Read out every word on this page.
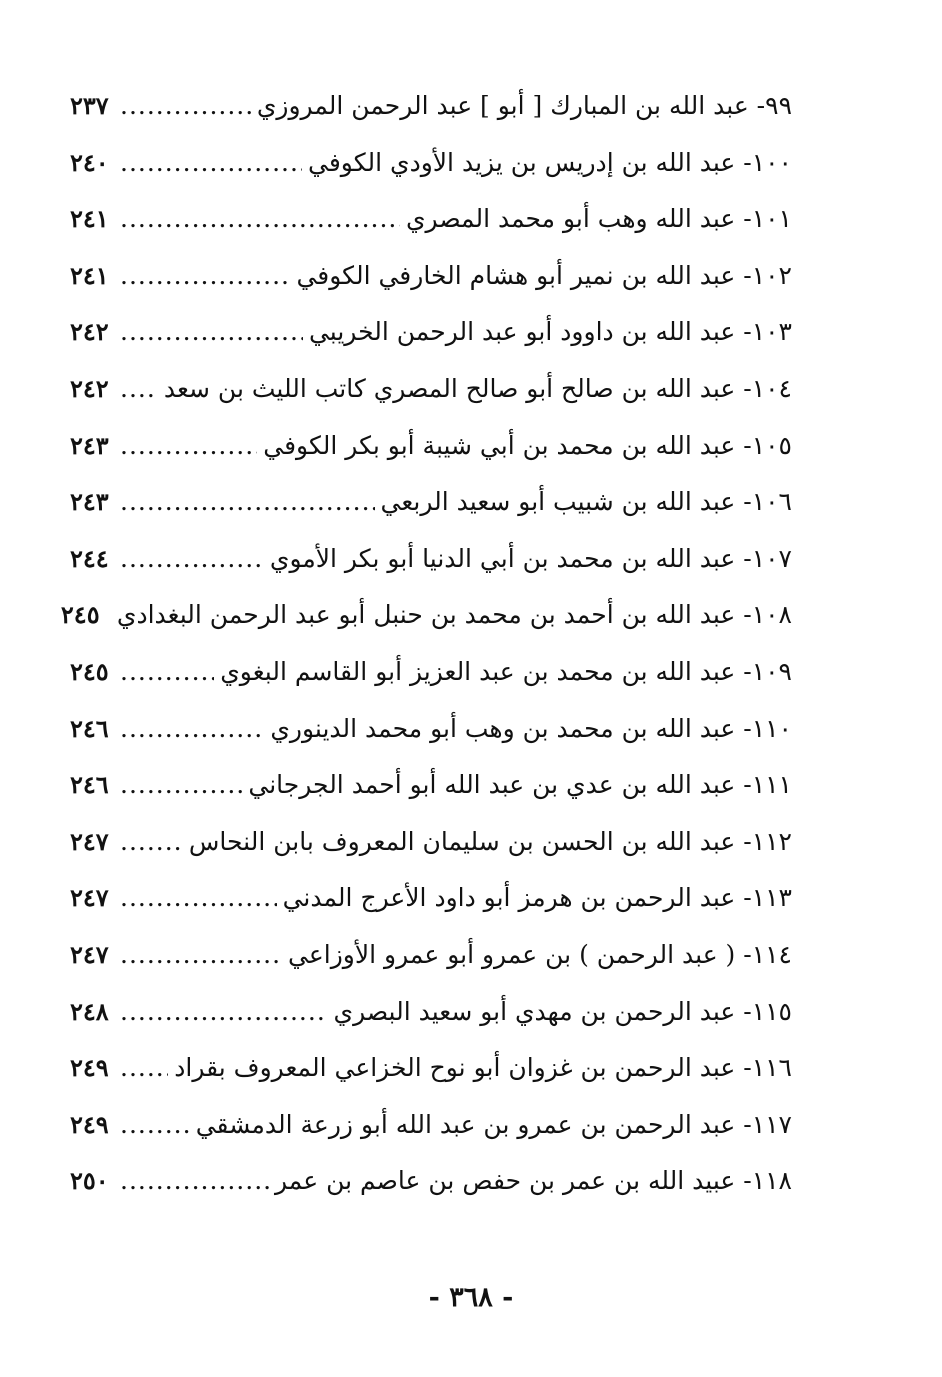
٩٩- عبد الله بن المبارك [ أبو ] عبد الرحمن المروزي
.....
٢٣٧
١٠٠- عبد الله بن إدريس بن يزيد الأودي الكوفي
.....
٢٤٠
١٠١- عبد الله وهب أبو محمد المصري
.....
٢٤١
١٠٢- عبد الله بن نمير أبو هشام الخارفي الكوفي
.....
٢٤١
١٠٣- عبد الله بن داوود أبو عبد الرحمن الخريبي
.....
٢٤٢
١٠٤- عبد الله بن صالح أبو صالح المصري كاتب الليث بن سعد
.....
٢٤٢
١٠٥- عبد الله بن محمد بن أبي شيبة أبو بكر الكوفي
.....
٢٤٣
١٠٦- عبد الله بن شبيب أبو سعيد الربعي
.....
٢٤٣
١٠٧- عبد الله بن محمد بن أبي الدنيا أبو بكر الأموي
.....
٢٤٤
١٠٨- عبد الله بن أحمد بن محمد بن حنبل أبو عبد الرحمن البغدادي
٢٤٥
١٠٩- عبد الله بن محمد بن عبد العزيز أبو القاسم البغوي
.....
٢٤٥
١١٠- عبد الله بن محمد بن وهب أبو محمد الدينوري
.....
٢٤٦
١١١- عبد الله بن عدي بن عبد الله أبو أحمد الجرجاني
.....
٢٤٦
١١٢- عبد الله بن الحسن بن سليمان المعروف بابن النحاس
.....
٢٤٧
١١٣- عبد الرحمن بن هرمز أبو داود الأعرج المدني
.....
٢٤٧
١١٤- ( عبد الرحمن ) بن عمرو أبو عمرو الأوزاعي
.....
٢٤٧
١١٥- عبد الرحمن بن مهدي أبو سعيد البصري
.....
٢٤٨
١١٦- عبد الرحمن بن غزوان أبو نوح الخزاعي المعروف بقراد
.....
٢٤٩
١١٧- عبد الرحمن بن عمرو بن عبد الله أبو زرعة الدمشقي
.....
٢٤٩
١١٨- عبيد الله بن عمر بن حفص بن عاصم بن عمر
.....
٢٥٠
- ٣٦٨ -
